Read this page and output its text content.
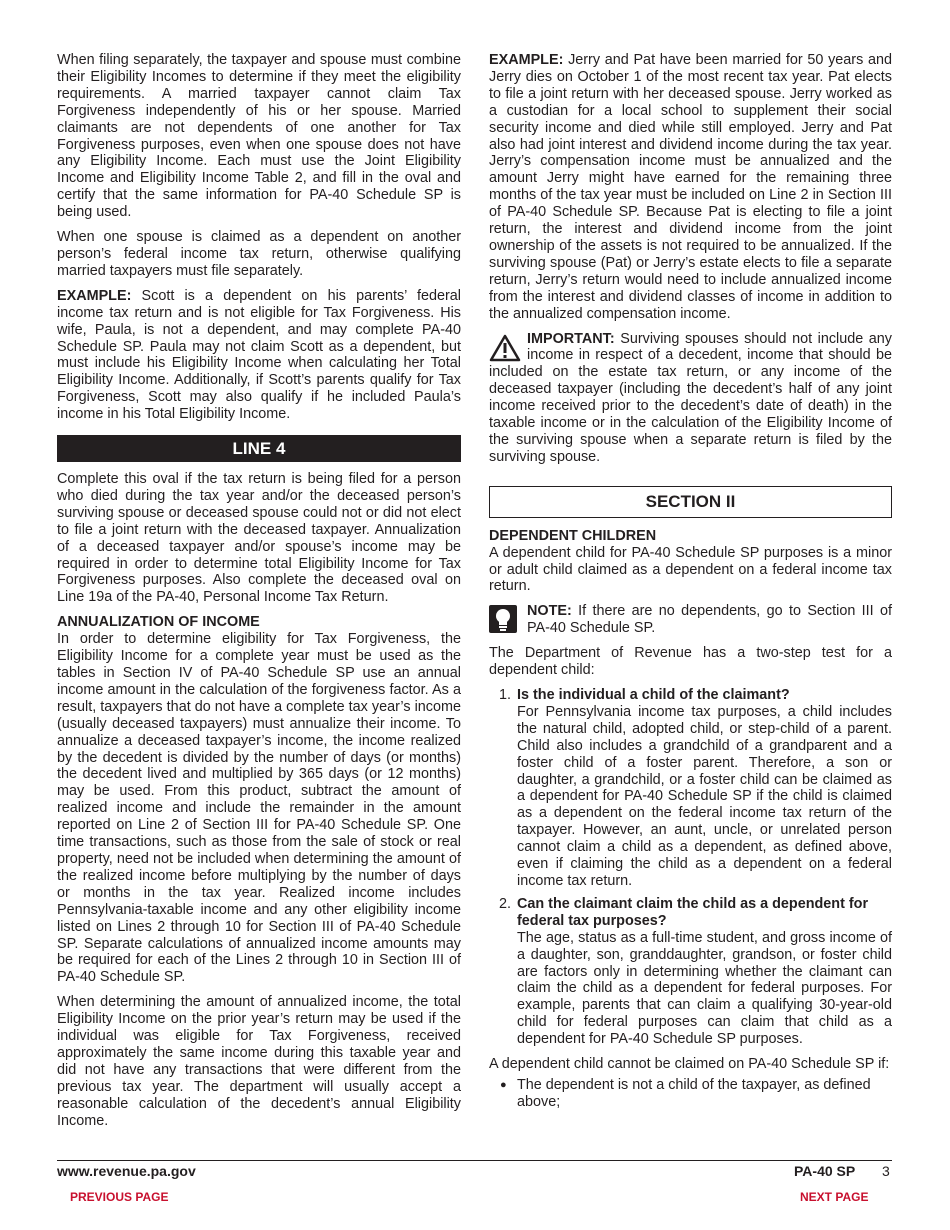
When filing separately, the taxpayer and spouse must combine their Eligibility Incomes to determine if they meet the eligibility requirements. A married taxpayer cannot claim Tax Forgiveness independently of his or her spouse. Married claimants are not dependents of one another for Tax Forgiveness purposes, even when one spouse does not have any Eligibility Income. Each must use the Joint Eligibility Income and Eligibility Income Table 2, and fill in the oval and certify that the same information for PA-40 Schedule SP is being used.

When one spouse is claimed as a dependent on another person’s federal income tax return, otherwise qualifying married taxpayers must file separately.

EXAMPLE: Scott is a dependent on his parents’ federal income tax return and is not eligible for Tax Forgiveness. His wife, Paula, is not a dependent, and may complete PA-40 Schedule SP. Paula may not claim Scott as a dependent, but must include his Eligibility Income when calculating her Total Eligibility Income. Additionally, if Scott’s parents qualify for Tax Forgiveness, Scott may also qualify if he included Paula’s income in his Total Eligibility Income.

LINE 4

Complete this oval if the tax return is being filed for a person who died during the tax year and/or the deceased person’s surviving spouse or deceased spouse could not or did not elect to file a joint return with the deceased taxpayer. Annualization of a deceased taxpayer and/or spouse’s income may be required in order to determine total Eligibility Income for Tax Forgiveness purposes. Also complete the deceased oval on Line 19a of the PA-40, Personal Income Tax Return.

ANNUALIZATION OF INCOME

In order to determine eligibility for Tax Forgiveness, the Eligibility Income for a complete year must be used as the tables in Section IV of PA-40 Schedule SP use an annual income amount in the calculation of the forgiveness factor. As a result, taxpayers that do not have a complete tax year’s income (usually deceased taxpayers) must annualize their income. To annualize a deceased taxpayer’s income, the income realized by the decedent is divided by the number of days (or months) the decedent lived and multiplied by 365 days (or 12 months) may be used. From this product, subtract the amount of realized income and include the remainder in the amount reported on Line 2 of Section III for PA-40 Schedule SP. One time transactions, such as those from the sale of stock or real property, need not be included when determining the amount of the realized income before multiplying by the number of days or months in the tax year. Realized income includes Pennsylvania-taxable income and any other eligibility income listed on Lines 2 through 10 for Section III of PA-40 Schedule SP. Separate calculations of annualized income amounts may be required for each of the Lines 2 through 10 in Section III of PA-40 Schedule SP.

When determining the amount of annualized income, the total Eligibility Income on the prior year’s return may be used if the individual was eligible for Tax Forgiveness, received approximately the same income during this taxable year and did not have any transactions that were different from the previous tax year. The department will usually accept a reasonable calculation of the decedent’s annual Eligibility Income.

EXAMPLE: Jerry and Pat have been married for 50 years and Jerry dies on October 1 of the most recent tax year. Pat elects to file a joint return with her deceased spouse. Jerry worked as a custodian for a local school to supplement their social security income and died while still employed. Jerry and Pat also had joint interest and dividend income during the tax year. Jerry’s compensation income must be annualized and the amount Jerry might have earned for the remaining three months of the tax year must be included on Line 2 in Section III of PA-40 Schedule SP. Because Pat is electing to file a joint return, the interest and dividend income from the joint ownership of the assets is not required to be annualized. If the surviving spouse (Pat) or Jerry’s estate elects to file a separate return, Jerry’s return would need to include annualized income from the interest and dividend classes of income in addition to the annualized compensation income.

IMPORTANT: Surviving spouses should not include any income in respect of a decedent, income that should be included on the estate tax return, or any income of the deceased taxpayer (including the decedent’s half of any joint income received prior to the decedent’s date of death) in the taxable income or in the calculation of the Eligibility Income of the surviving spouse when a separate return is filed by the surviving spouse.
SECTION II
DEPENDENT CHILDREN

A dependent child for PA-40 Schedule SP purposes is a minor or adult child claimed as a dependent on a federal income tax return.

NOTE: If there are no dependents, go to Section III of PA-40 Schedule SP.

The Department of Revenue has a two-step test for a dependent child:

1. Is the individual a child of the claimant?
For Pennsylvania income tax purposes, a child includes the natural child, adopted child, or step-child of a parent. Child also includes a grandchild of a grandparent and a foster child of a foster parent. Therefore, a son or daughter, a grandchild, or a foster child can be claimed as a dependent for PA-40 Schedule SP if the child is claimed as a dependent on the federal income tax return of the taxpayer. However, an aunt, uncle, or unrelated person cannot claim a child as a dependent, as defined above, even if claiming the child as a dependent on a federal income tax return.
2. Can the claimant claim the child as a dependent for federal tax purposes?
The age, status as a full-time student, and gross income of a daughter, son, granddaughter, grandson, or foster child are factors only in determining whether the claimant can claim the child as a dependent for federal purposes. For example, parents that can claim a qualifying 30-year-old child for federal purposes can claim that child as a dependent for PA-40 Schedule SP purposes.

A dependent child cannot be claimed on PA-40 Schedule SP if:

● The dependent is not a child of the taxpayer, as defined above;
www.revenue.pa.gov	PA-40 SP 3
PREVIOUS PAGE	NEXT PAGE
